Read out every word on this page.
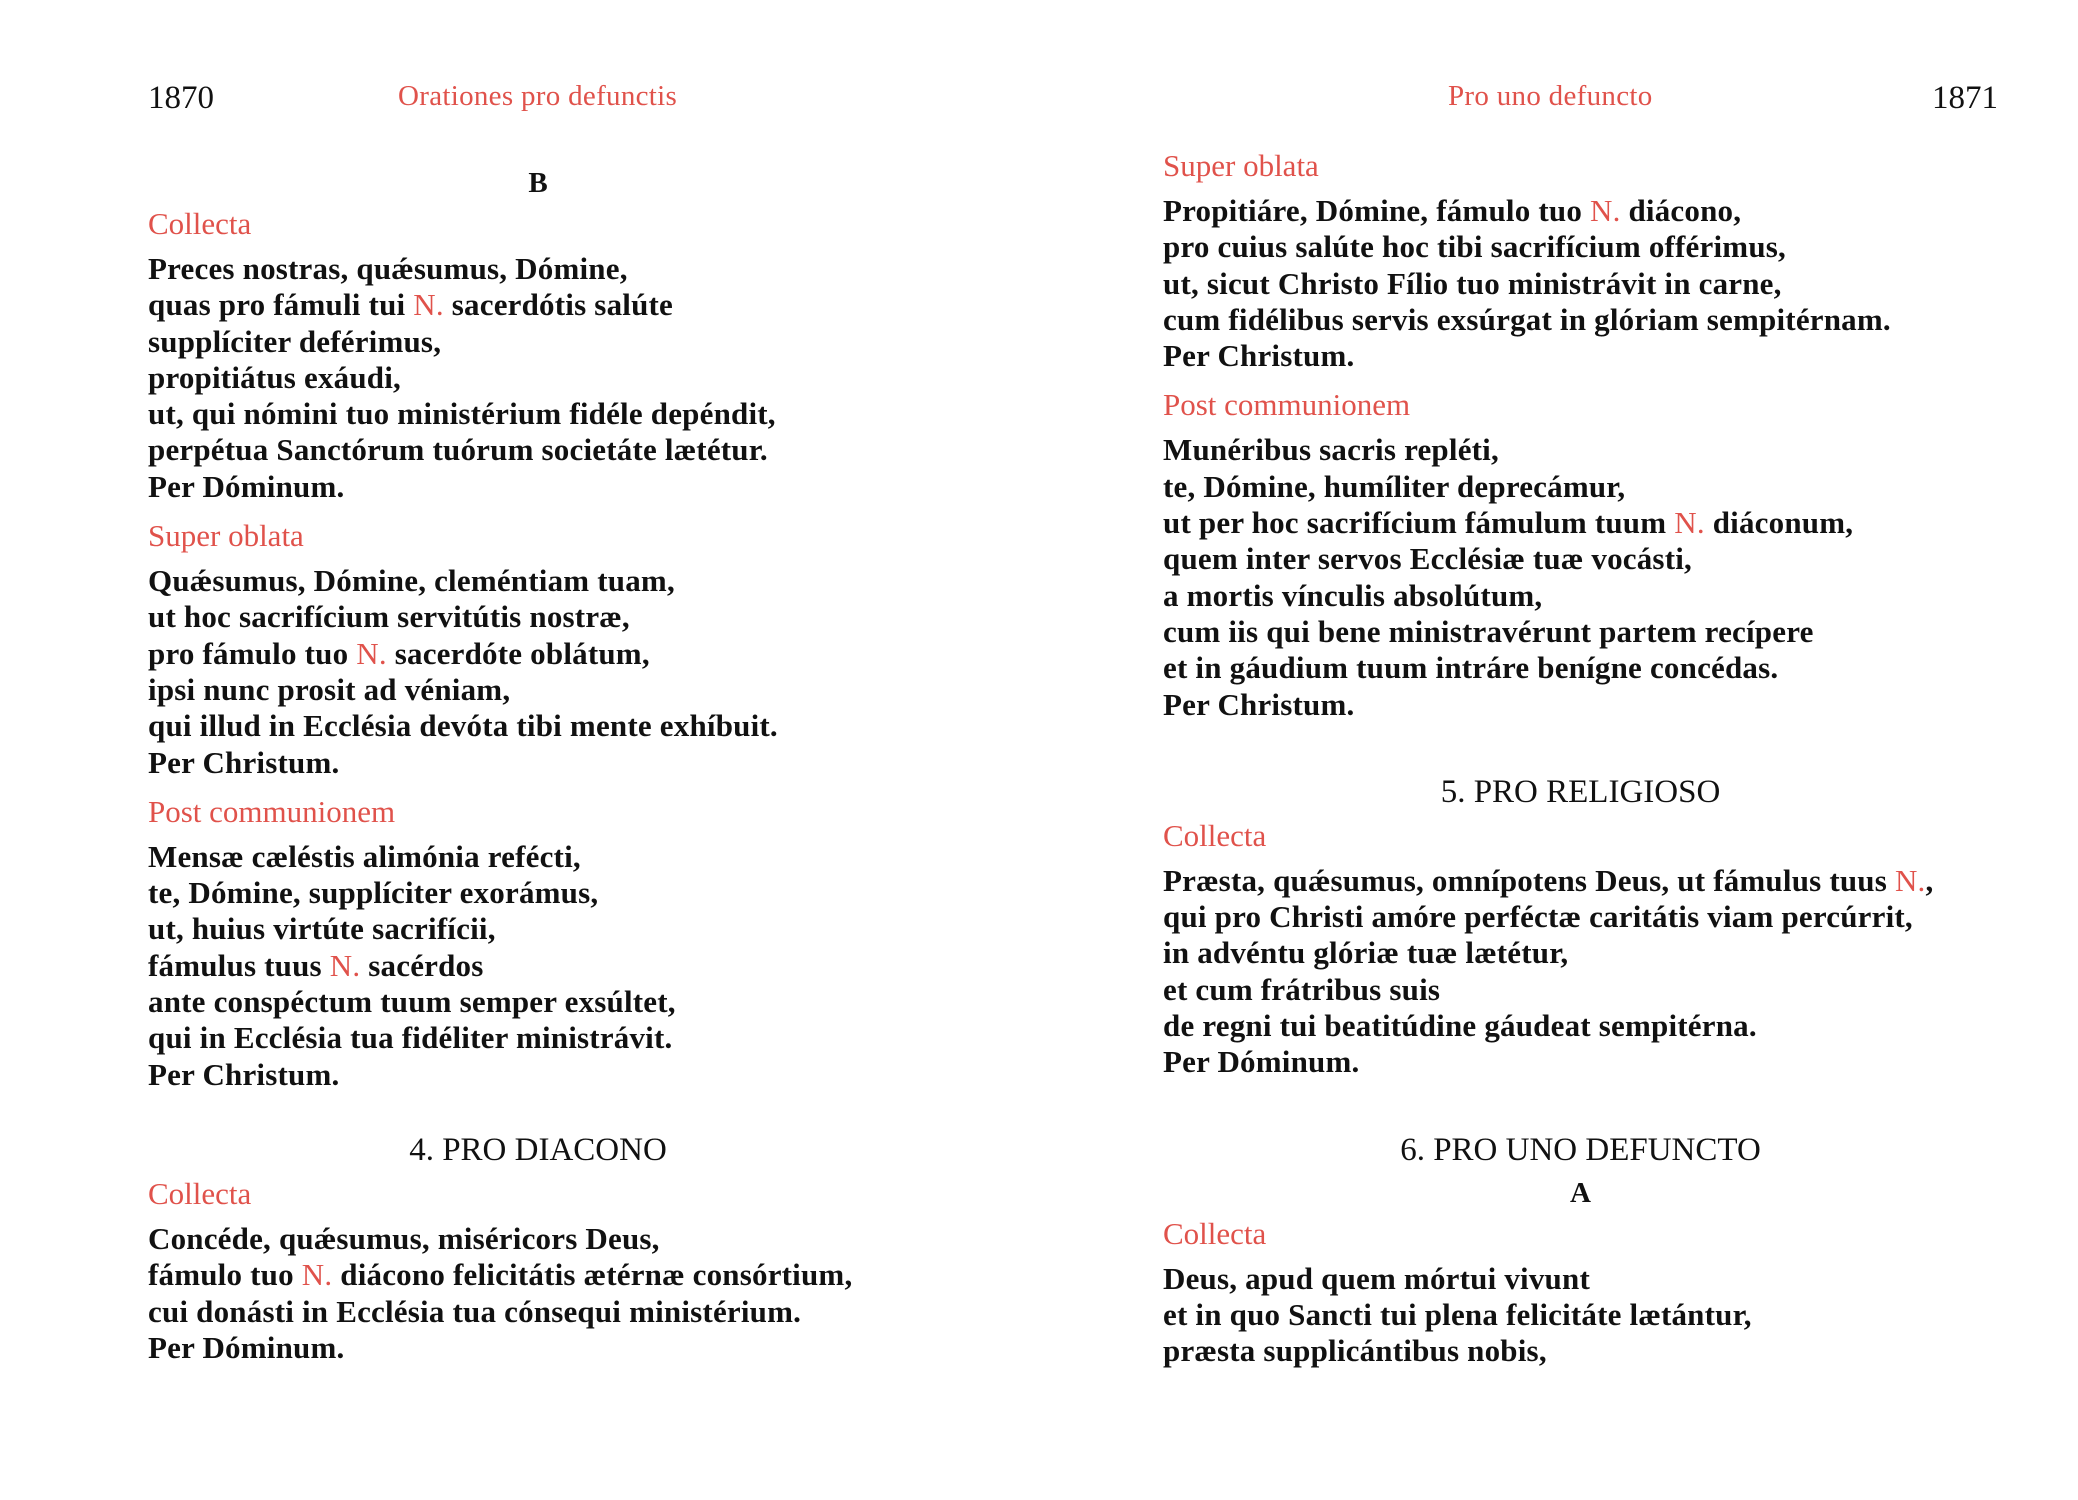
1870	Orationes pro defunctis
B
Collecta
Preces nostras, quǽsumus, Dómine,
quas pro fámuli tui N. sacerdótis salúte
supplíciter deférimus,
propitiátus exáudi,
ut, qui nómini tuo ministérium fidéle depéndit,
perpétua Sanctórum tuórum societáte lætétur.
Per Dóminum.
Super oblata
Quǽsumus, Dómine, cleméntiam tuam,
ut hoc sacrifícium servitútis nostræ,
pro fámulo tuo N. sacerdóte oblátum,
ipsi nunc prosit ad véniam,
qui illud in Ecclésia devóta tibi mente exhíbuit.
Per Christum.
Post communionem
Mensæ cæléstis alimónia refécti,
te, Dómine, supplíciter exorámus,
ut, huius virtúte sacrifícii,
fámulus tuus N. sacérdos
ante conspéctum tuum semper exsúltet,
qui in Ecclésia tua fidéliter ministrávit.
Per Christum.
4. PRO DIACONO
Collecta
Concéde, quǽsumus, miséricors Deus,
fámulo tuo N. diácono felicitátis ætérnæ consórtium,
cui donásti in Ecclésia tua cónsequi ministérium.
Per Dóminum.
Pro uno defuncto	1871
Super oblata
Propitiáre, Dómine, fámulo tuo N. diácono,
pro cuius salúte hoc tibi sacrifícium offérimus,
ut, sicut Christo Fílio tuo ministrávit in carne,
cum fidélibus servis exsúrgat in glóriam sempitérnam.
Per Christum.
Post communionem
Munéribus sacris repléti,
te, Dómine, humíliter deprecámur,
ut per hoc sacrifícium fámulum tuum N. diáconum,
quem inter servos Ecclésiæ tuæ vocásti,
a mortis vínculis absolútum,
cum iis qui bene ministravérunt partem recípere
et in gáudium tuum intráre benígne concédas.
Per Christum.
5. PRO RELIGIOSO
Collecta
Præsta, quǽsumus, omnípotens Deus, ut fámulus tuus N.,
qui pro Christi amóre perféctæ caritátis viam percúrrit,
in advéntu glóriæ tuæ lætétur,
et cum frátribus suis
de regni tui beatitúdine gáudeat sempitérna.
Per Dóminum.
6. PRO UNO DEFUNCTO
A
Collecta
Deus, apud quem mórtui vivunt
et in quo Sancti tui plena felicitáte lætántur,
præsta supplicántibus nobis,
